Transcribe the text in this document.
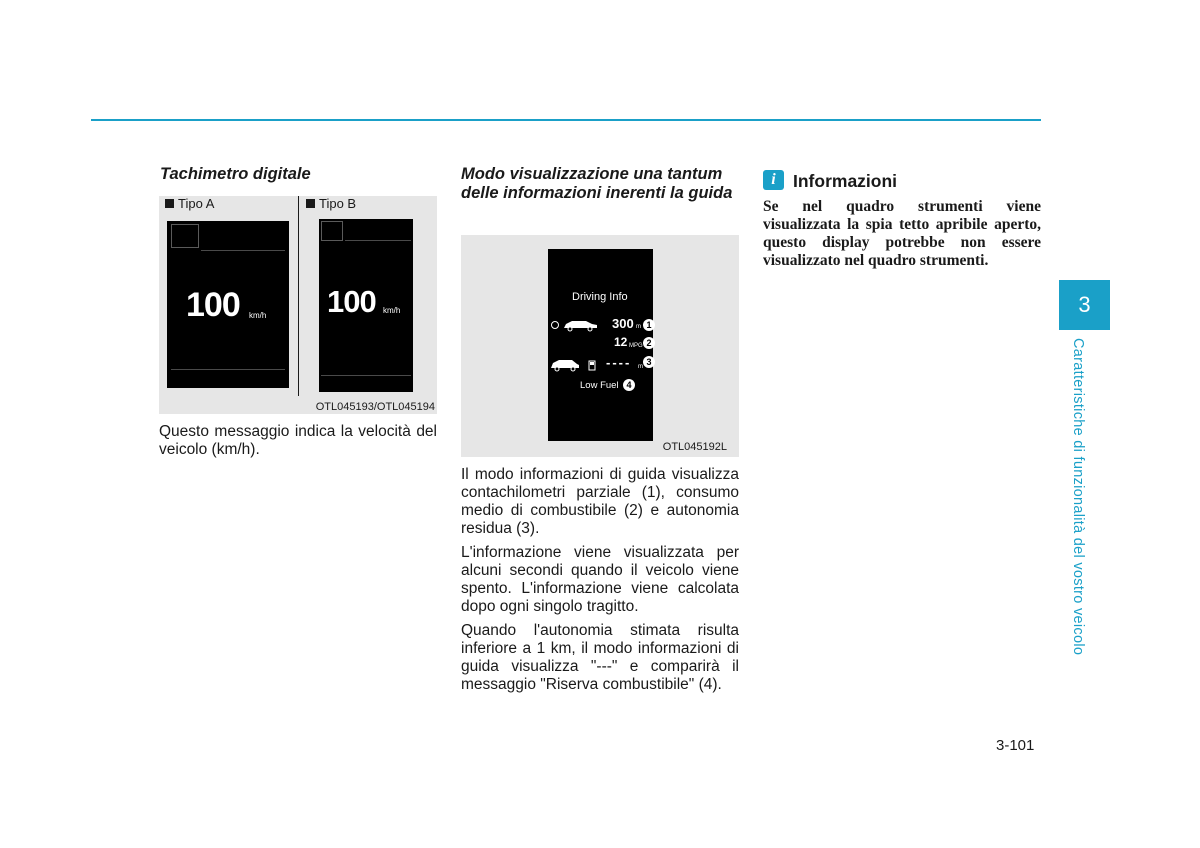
Tachimetro digitale
Tipo A	Tipo B
100 km/h 100 km/h
OTL045193/OTL045194

Questo messaggio indica la velocità del veicolo (km/h).

Modo visualizzazione una tantum delle informazioni inerenti la guida
Driving Info
300 m 1
12 MPG 2
---- m 3
Low Fuel 4
OTL045192L

Il modo informazioni di guida visualizza contachilometri parziale (1), consumo medio di combustibile (2) e autonomia residua (3).

L'informazione viene visualizzata per alcuni secondi quando il veicolo viene spento. L'informazione viene calcolata dopo ogni singolo tragitto.

Quando l'autonomia stimata risulta inferiore a 1 km, il modo informazioni di guida visualizza "---" e comparirà il messaggio "Riserva combustibile" (4).

i Informazioni

Se nel quadro strumenti viene visualizzata la spia tetto apribile aperto, questo display potrebbe non essere visualizzato nel quadro strumenti.

3
Caratteristiche di funzionalità del vostro veicolo
3-101
